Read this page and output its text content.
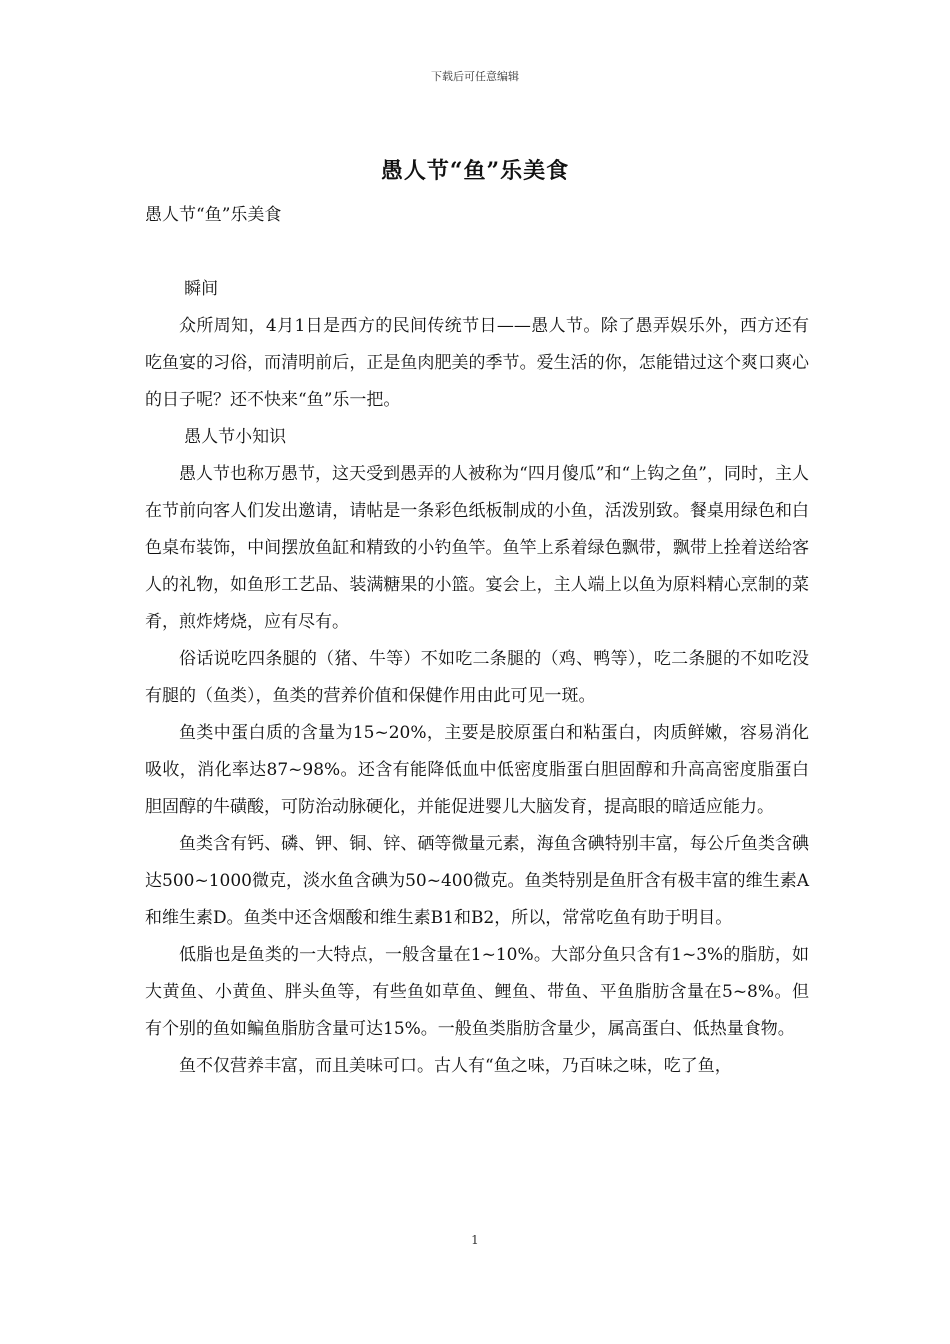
下载后可任意编辑
愚人节“鱼”乐美食
愚人节“鱼”乐美食

瞬间

众所周知，4月1日是西方的民间传统节日——愚人节。除了愚弄娱乐外，西方还有吃鱼宴的习俗，而清明前后，正是鱼肉肥美的季节。爱生活的你，怎能错过这个爽口爽心的日子呢？还不快来“鱼”乐一把。

愚人节小知识

愚人节也称万愚节，这天受到愚弄的人被称为“四月傻瓜”和“上钩之鱼”，同时，主人在节前向客人们发出邀请，请帖是一条彩色纸板制成的小鱼，活泼别致。餐桌用绿色和白色桌布装饰，中间摆放鱼缸和精致的小钓鱼竿。鱼竿上系着绿色飘带，飘带上拴着送给客人的礼物，如鱼形工艺品、装满糖果的小篮。宴会上，主人端上以鱼为原料精心烹制的菜肴，煎炸烤烧，应有尽有。

俗话说吃四条腿的（猪、牛等）不如吃二条腿的（鸡、鸭等），吃二条腿的不如吃没有腿的（鱼类），鱼类的营养价值和保健作用由此可见一斑。

鱼类中蛋白质的含量为15~20%，主要是胶原蛋白和粘蛋白，肉质鲜嫩，容易消化吸收，消化率达87~98%。还含有能降低血中低密度脂蛋白胆固醇和升高高密度脂蛋白胆固醇的牛磺酸，可防治动脉硬化，并能促进婴儿大脑发育，提高眼的暗适应能力。

鱼类含有钙、磷、钾、铜、锌、硒等微量元素，海鱼含碘特别丰富，每公斤鱼类含碘达500~1000微克，淡水鱼含碘为50~400微克。鱼类特别是鱼肝含有极丰富的维生素A和维生素D。鱼类中还含烟酸和维生素B1和B2，所以，常常吃鱼有助于明目。

低脂也是鱼类的一大特点，一般含量在1~10%。大部分鱼只含有1~3%的脂肪，如大黄鱼、小黄鱼、胖头鱼等，有些鱼如草鱼、鲤鱼、带鱼、平鱼脂肪含量在5~8%。但有个别的鱼如鳊鱼脂肪含量可达15%。一般鱼类脂肪含量少，属高蛋白、低热量食物。

鱼不仅营养丰富，而且美味可口。古人有“鱼之味，乃百味之味，吃了鱼，

1
